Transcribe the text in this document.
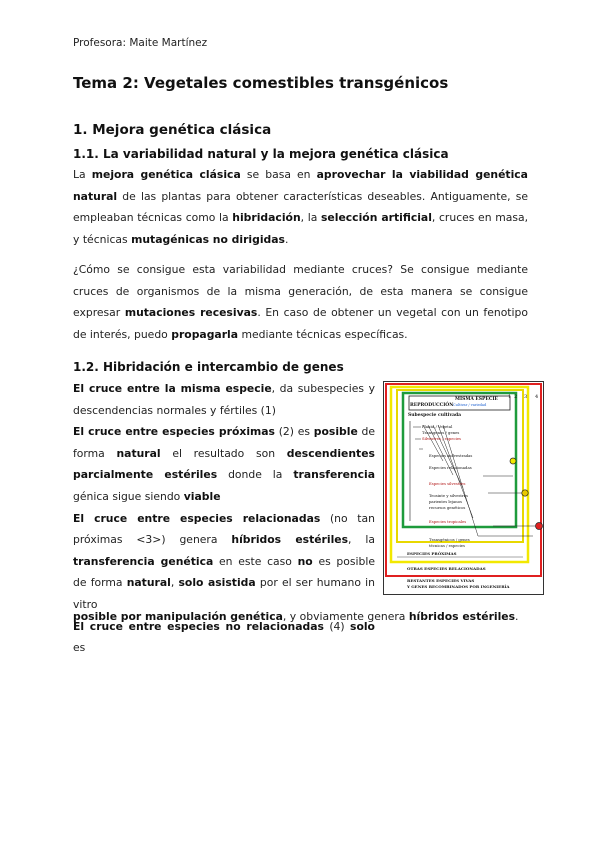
Profesora: Maite Martínez
Tema 2: Vegetales comestibles transgénicos
1. Mejora genética clásica
1.1. La variabilidad natural y la mejora genética clásica
La mejora genética clásica se basa en aprovechar la viabilidad genética natural de las plantas para obtener características deseables. Antiguamente, se empleaban técnicas como la hibridación, la selección artificial, cruces en masa, y técnicas mutagénicas no dirigidas.
¿Cómo se consigue esta variabilidad mediante cruces? Se consigue mediante cruces de organismos de la misma generación, de esta manera se consigue expresar mutaciones recesivas. En caso de obtener un vegetal con un fenotipo de interés, puedo propagarla mediante técnicas específicas.
1.2. Hibridación e intercambio de genes
El cruce entre la misma especie, da subespecies y descendencias normales y fértiles (1)
El cruce entre especies próximas (2) es posible de forma natural el resultado son descendientes parcialmente estériles donde la transferencia génica sigue siendo viable
El cruce entre especies relacionadas (no tan próximas <3>) genera híbridos estériles, la transferencia genética en este caso no es posible de forma natural, solo asistida por el ser humano in vitro
El cruce entre especies no relacionadas (4) solo es
posible por manipulación genética, y obviamente genera híbridos estériles.
1 2 3 4
MISMA ESPECIE
REPRODUCCIÓN Cultivar / variedad
Subespecie cultivada
Planta / Vegetal
Transgenes / genes
Silvestres / especies
Especies asilvestradas
Especies relacionadas
Especies silvestres
Teosinte y silvestres
parientes lejanos
recursos genéticos
Especies tropicales
Transgénicos / genes
técnicas / especies
ESPECIES PRÓXIMAS
OTRAS ESPECIES RELACIONADAS
RESTANTES ESPECIES VIVAS
Y GENES RECOMBINADOS POR INGENIERÍA
